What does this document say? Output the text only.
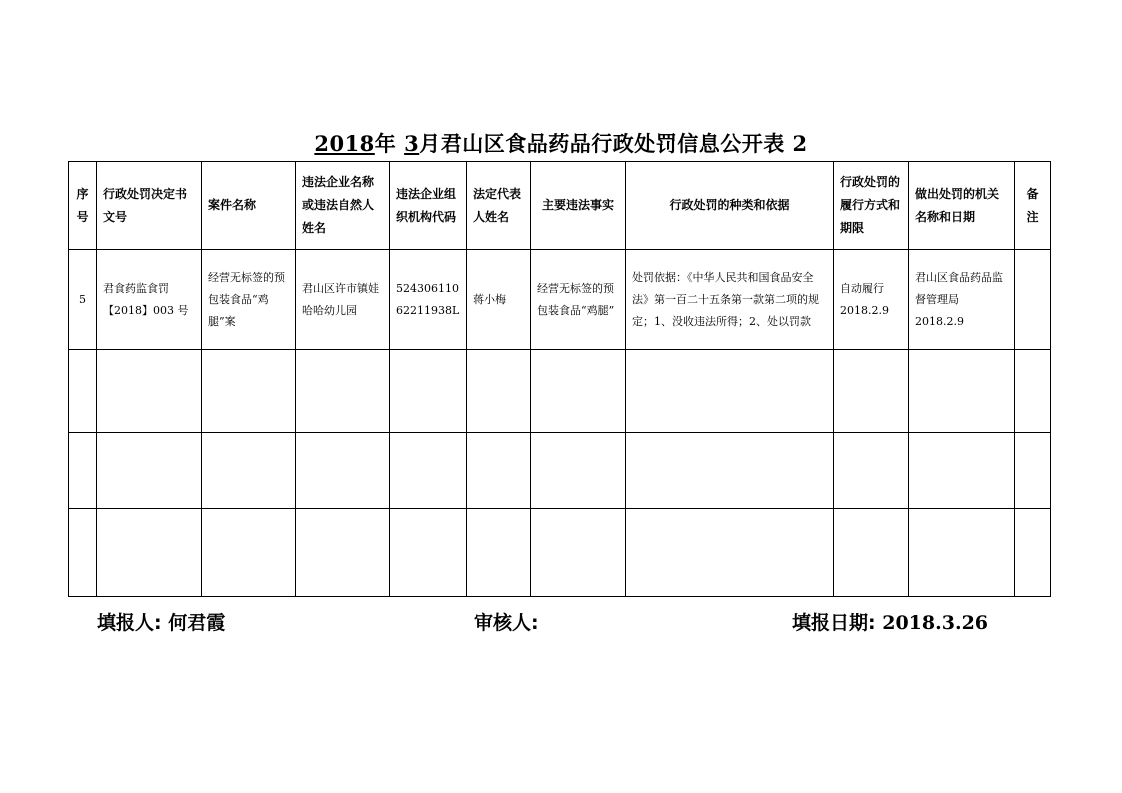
2018年 3月君山区食品药品行政处罚信息公开表 2
序号	行政处罚决定书文号	案件名称	违法企业名称或违法自然人姓名	违法企业组织机构代码	法定代表人姓名	主要违法事实	行政处罚的种类和依据	行政处罚的履行方式和期限	做出处罚的机关名称和日期	备注
5	君食药监食罚【2018】003 号	经营无标签的预包装食品“鸡腿”案	君山区许市镇娃哈哈幼儿园	52430611062211938L	蒋小梅	经营无标签的预包装食品“鸡腿”	处罚依据：《中华人民共和国食品安全法》第一百二十五条第一款第二项的规定；1、没收违法所得；2、处以罚款	自动履行 2018.2.9	君山区食品药品监督管理局 2018.2.9	

填报人: 何君霞	审核人:	填报日期: 2018.3.26
